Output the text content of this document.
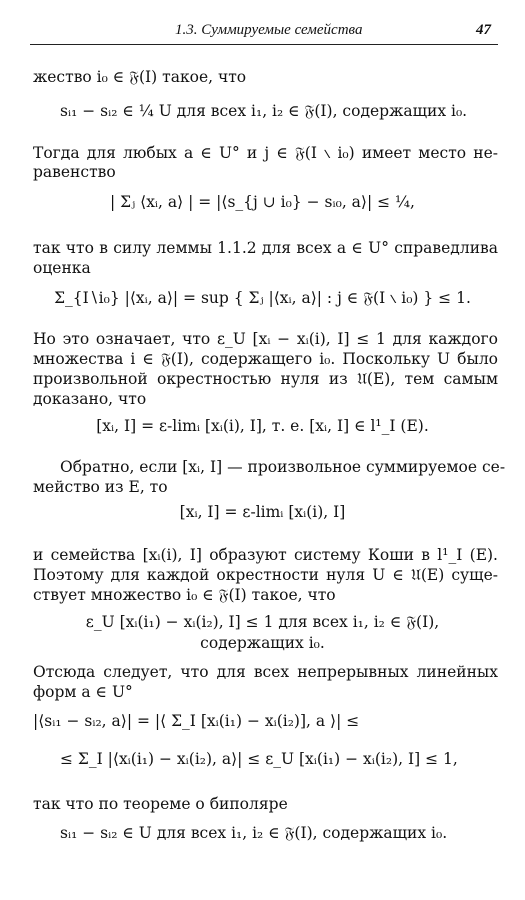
1.3. Суммируемые семейства	47
жество i₀ ∈ 𝔉(I) такое, что
sᵢ₁ − sᵢ₂ ∈ ¼ U для всех i₁, i₂ ∈ 𝔉(I), содержащих i₀.
Тогда для любых a ∈ U° и j ∈ 𝔉(I ∖ i₀) имеет место не-
равенство
| Σⱼ ⟨xᵢ, a⟩ | = |⟨s_{j ∪ i₀} − sᵢ₀, a⟩| ≤ ¼,
так что в силу леммы 1.1.2 для всех a ∈ U° справедлива
оценка
Σ_{I∖i₀} |⟨xᵢ, a⟩| = sup { Σⱼ |⟨xᵢ, a⟩| : j ∈ 𝔉(I ∖ i₀) } ≤ 1.
Но это означает, что ε_U [xᵢ − xᵢ(i), I] ≤ 1 для каждого
множества i ∈ 𝔉(I), содержащего i₀. Поскольку U было
произвольной окрестностью нуля из 𝔘(E), тем самым
доказано, что
[xᵢ, I] = ε-limᵢ [xᵢ(i), I], т. е. [xᵢ, I] ∈ l¹_I (E).
Обратно, если [xᵢ, I] — произвольное суммируемое се-
мейство из E, то
[xᵢ, I] = ε-limᵢ [xᵢ(i), I]
и семейства [xᵢ(i), I] образуют систему Коши в l¹_I (E).
Поэтому для каждой окрестности нуля U ∈ 𝔘(E) суще-
ствует множество i₀ ∈ 𝔉(I) такое, что
ε_U [xᵢ(i₁) − xᵢ(i₂), I] ≤ 1 для всех i₁, i₂ ∈ 𝔉(I),
содержащих i₀.
Отсюда следует, что для всех непрерывных линейных
форм a ∈ U°
|⟨sᵢ₁ − sᵢ₂, a⟩| = |⟨ Σ_I [xᵢ(i₁) − xᵢ(i₂)], a ⟩| ≤
≤ Σ_I |⟨xᵢ(i₁) − xᵢ(i₂), a⟩| ≤ ε_U [xᵢ(i₁) − xᵢ(i₂), I] ≤ 1,
так что по теореме о биполяре
sᵢ₁ − sᵢ₂ ∈ U для всех i₁, i₂ ∈ 𝔉(I), содержащих i₀.
